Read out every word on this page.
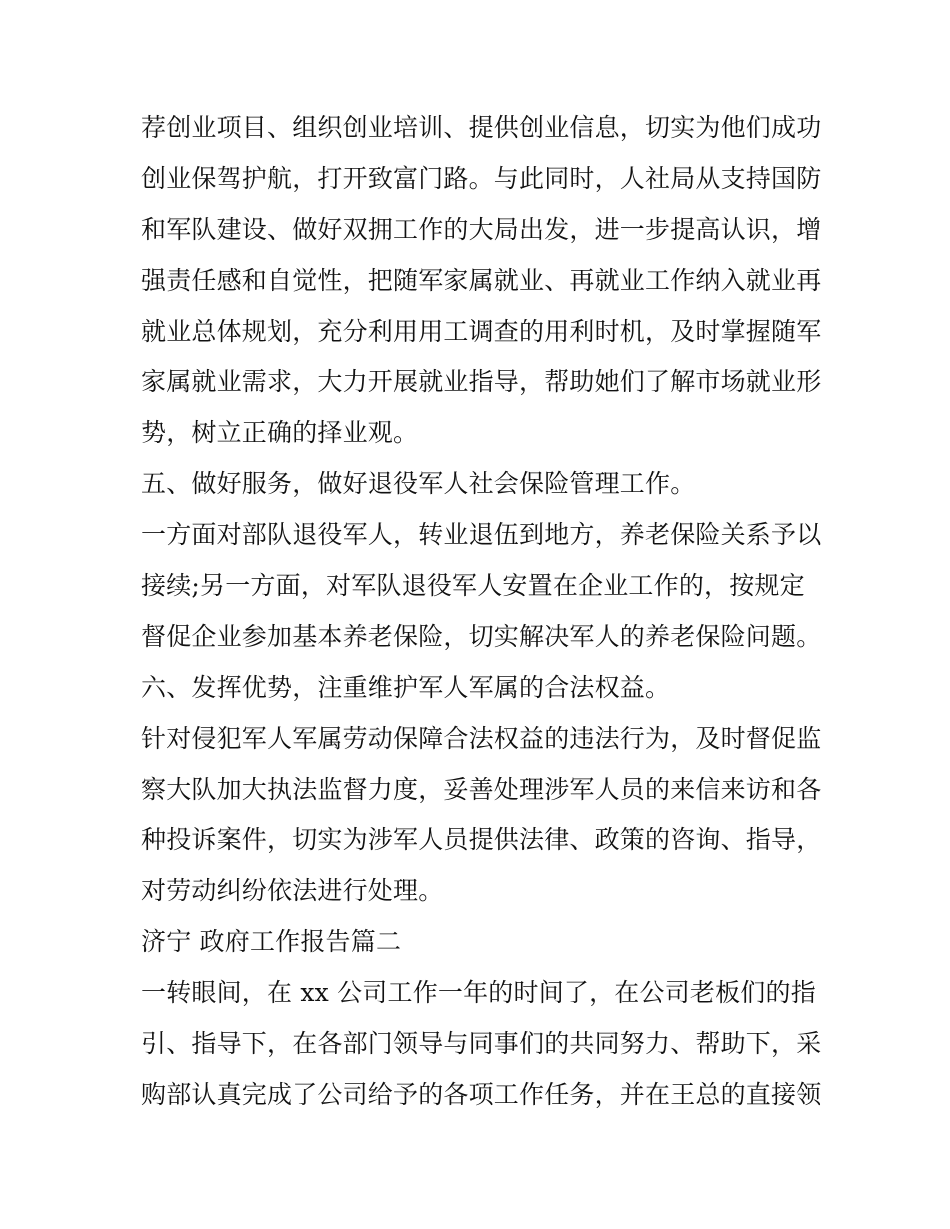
荐创业项目、组织创业培训、提供创业信息，切实为他们成功
创业保驾护航，打开致富门路。与此同时，人社局从支持国防
和军队建设、做好双拥工作的大局出发，进一步提高认识，增
强责任感和自觉性，把随军家属就业、再就业工作纳入就业再
就业总体规划，充分利用用工调查的用利时机，及时掌握随军
家属就业需求，大力开展就业指导，帮助她们了解市场就业形
势，树立正确的择业观。
五、做好服务，做好退役军人社会保险管理工作。
一方面对部队退役军人，转业退伍到地方，养老保险关系予以
接续;另一方面，对军队退役军人安置在企业工作的，按规定
督促企业参加基本养老保险，切实解决军人的养老保险问题。
六、发挥优势，注重维护军人军属的合法权益。
针对侵犯军人军属劳动保障合法权益的违法行为，及时督促监
察大队加大执法监督力度，妥善处理涉军人员的来信来访和各
种投诉案件，切实为涉军人员提供法律、政策的咨询、指导，
对劳动纠纷依法进行处理。
济宁 政府工作报告篇二
一转眼间，在 xx 公司工作一年的时间了，在公司老板们的指
引、指导下，在各部门领导与同事们的共同努力、帮助下，采
购部认真完成了公司给予的各项工作任务，并在王总的直接领
